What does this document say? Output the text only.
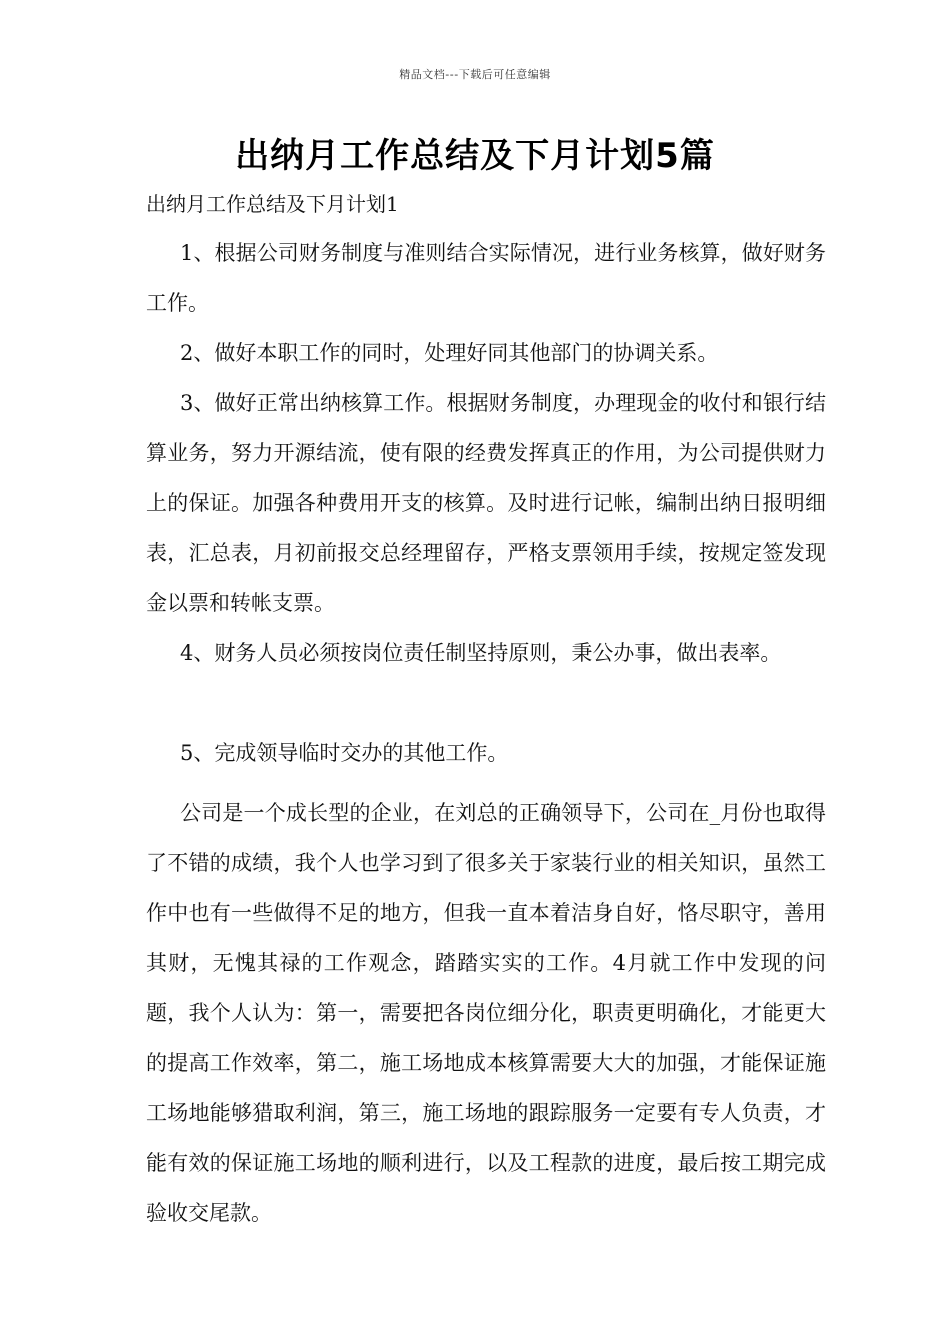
精品文档---下载后可任意编辑
出纳月工作总结及下月计划5篇
出纳月工作总结及下月计划1

1、根据公司财务制度与准则结合实际情况，进行业务核算，做好财务工作。

2、做好本职工作的同时，处理好同其他部门的协调关系。

3、做好正常出纳核算工作。根据财务制度，办理现金的收付和银行结算业务，努力开源结流，使有限的经费发挥真正的作用，为公司提供财力上的保证。加强各种费用开支的核算。及时进行记帐，编制出纳日报明细表，汇总表，月初前报交总经理留存，严格支票领用手续，按规定签发现金以票和转帐支票。

4、财务人员必须按岗位责任制坚持原则，秉公办事，做出表率。

5、完成领导临时交办的其他工作。

公司是一个成长型的企业，在刘总的正确领导下，公司在_月份也取得了不错的成绩，我个人也学习到了很多关于家装行业的相关知识，虽然工作中也有一些做得不足的地方，但我一直本着洁身自好，恪尽职守，善用其财，无愧其禄的工作观念，踏踏实实的工作。4月就工作中发现的问题，我个人认为：第一，需要把各岗位细分化，职责更明确化，才能更大的提高工作效率，第二，施工场地成本核算需要大大的加强，才能保证施工场地能够猎取利润，第三，施工场地的跟踪服务一定要有专人负责，才能有效的保证施工场地的顺利进行，以及工程款的进度，最后按工期完成验收交尾款。
